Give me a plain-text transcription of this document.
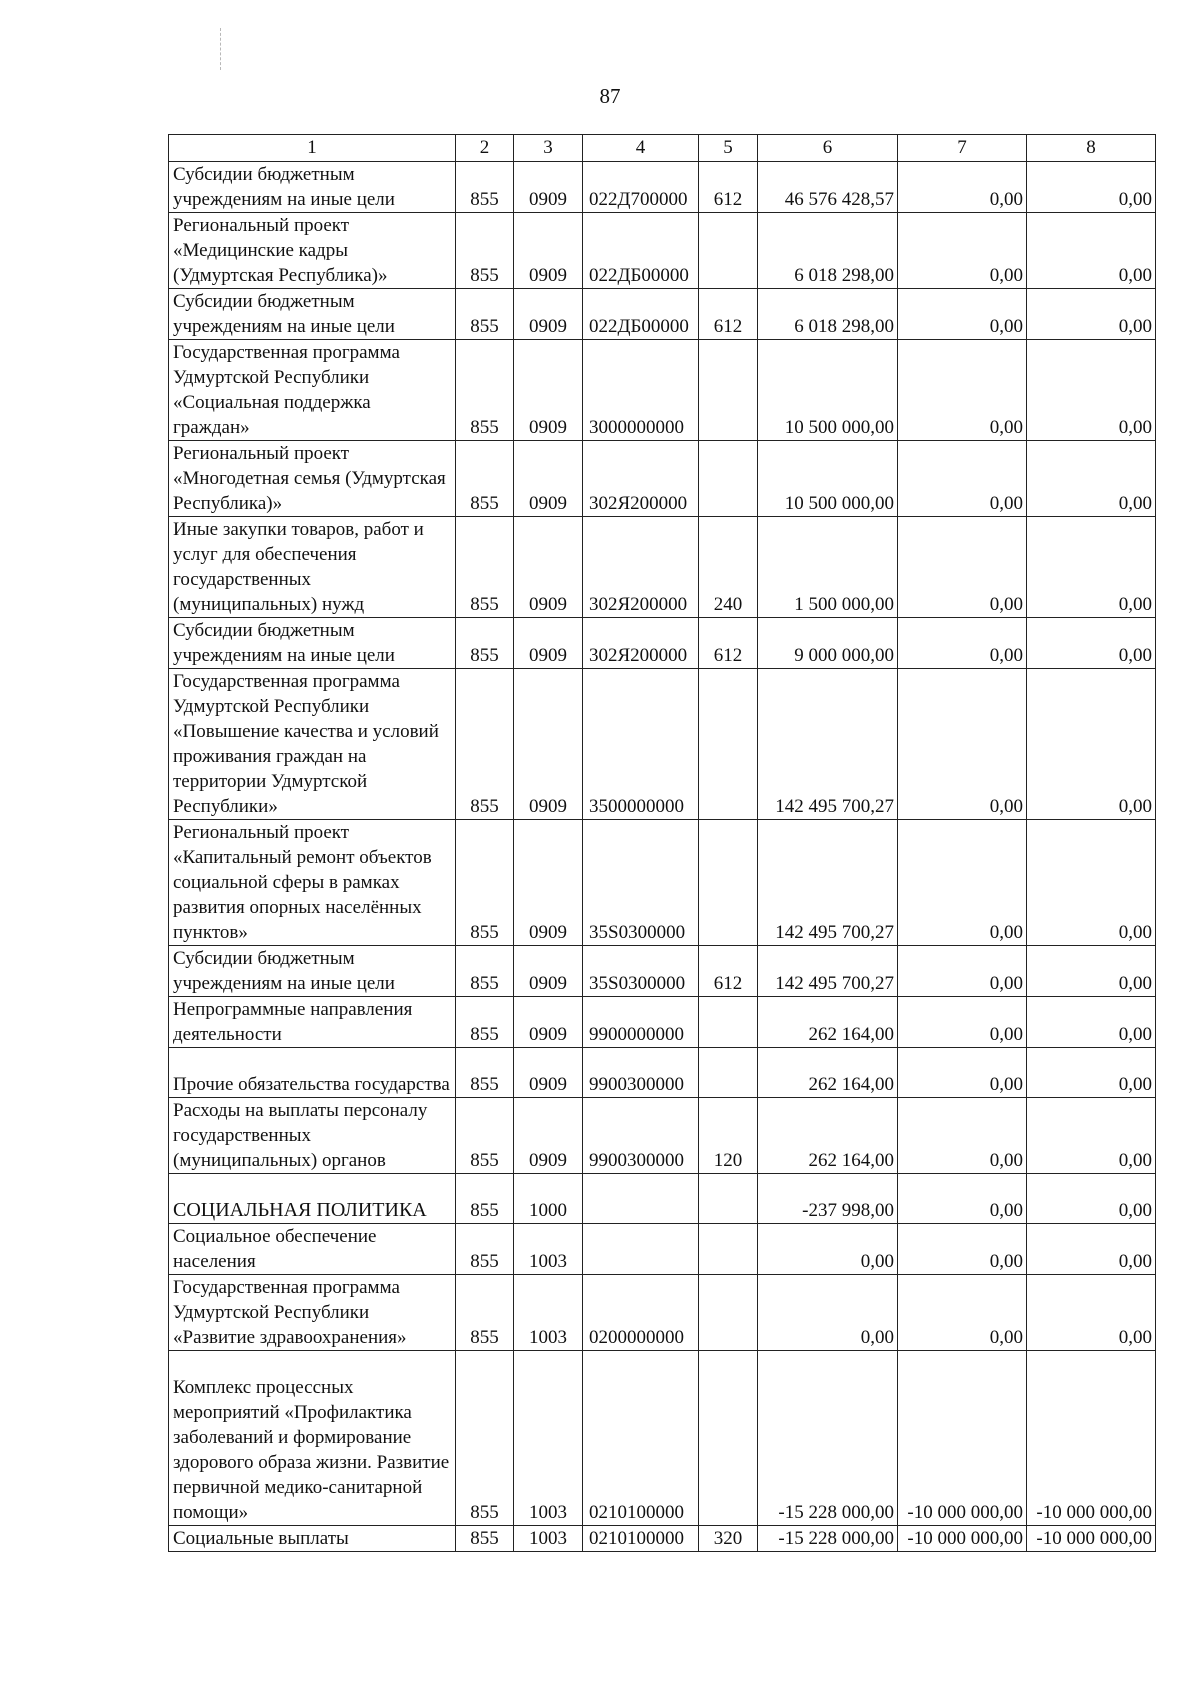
87
1	2	3	4	5	6	7	8
Субсидии бюджетным учреждениям на иные цели	855	0909	022Д700000	612	46 576 428,57	0,00	0,00
Региональный проект «Медицинские кадры (Удмуртская Республика)»	855	0909	022ДБ00000		6 018 298,00	0,00	0,00
Субсидии бюджетным учреждениям на иные цели	855	0909	022ДБ00000	612	6 018 298,00	0,00	0,00
Государственная программа Удмуртской Республики «Социальная поддержка граждан»	855	0909	3000000000		10 500 000,00	0,00	0,00
Региональный проект «Многодетная семья (Удмуртская Республика)»	855	0909	302Я200000		10 500 000,00	0,00	0,00
Иные закупки товаров, работ и услуг для обеспечения государственных (муниципальных) нужд	855	0909	302Я200000	240	1 500 000,00	0,00	0,00
Субсидии бюджетным учреждениям на иные цели	855	0909	302Я200000	612	9 000 000,00	0,00	0,00
Государственная программа Удмуртской Республики «Повышение качества и условий проживания граждан на территории Удмуртской Республики»	855	0909	3500000000		142 495 700,27	0,00	0,00
Региональный проект «Капитальный ремонт объектов социальной сферы в рамках развития опорных населённых пунктов»	855	0909	35S0300000		142 495 700,27	0,00	0,00
Субсидии бюджетным учреждениям на иные цели	855	0909	35S0300000	612	142 495 700,27	0,00	0,00
Непрограммные направления деятельности	855	0909	9900000000		262 164,00	0,00	0,00
Прочие обязательства государства	855	0909	9900300000		262 164,00	0,00	0,00
Расходы на выплаты персоналу государственных (муниципальных) органов	855	0909	9900300000	120	262 164,00	0,00	0,00
СОЦИАЛЬНАЯ ПОЛИТИКА	855	1000			-237 998,00	0,00	0,00
Социальное обеспечение населения	855	1003			0,00	0,00	0,00
Государственная программа Удмуртской Республики «Развитие здравоохранения»	855	1003	0200000000		0,00	0,00	0,00
Комплекс процессных мероприятий «Профилактика заболеваний и формирование здорового образа жизни. Развитие первичной медико-санитарной помощи»	855	1003	0210100000		-15 228 000,00	-10 000 000,00	-10 000 000,00
Социальные выплаты	855	1003	0210100000	320	-15 228 000,00	-10 000 000,00	-10 000 000,00
